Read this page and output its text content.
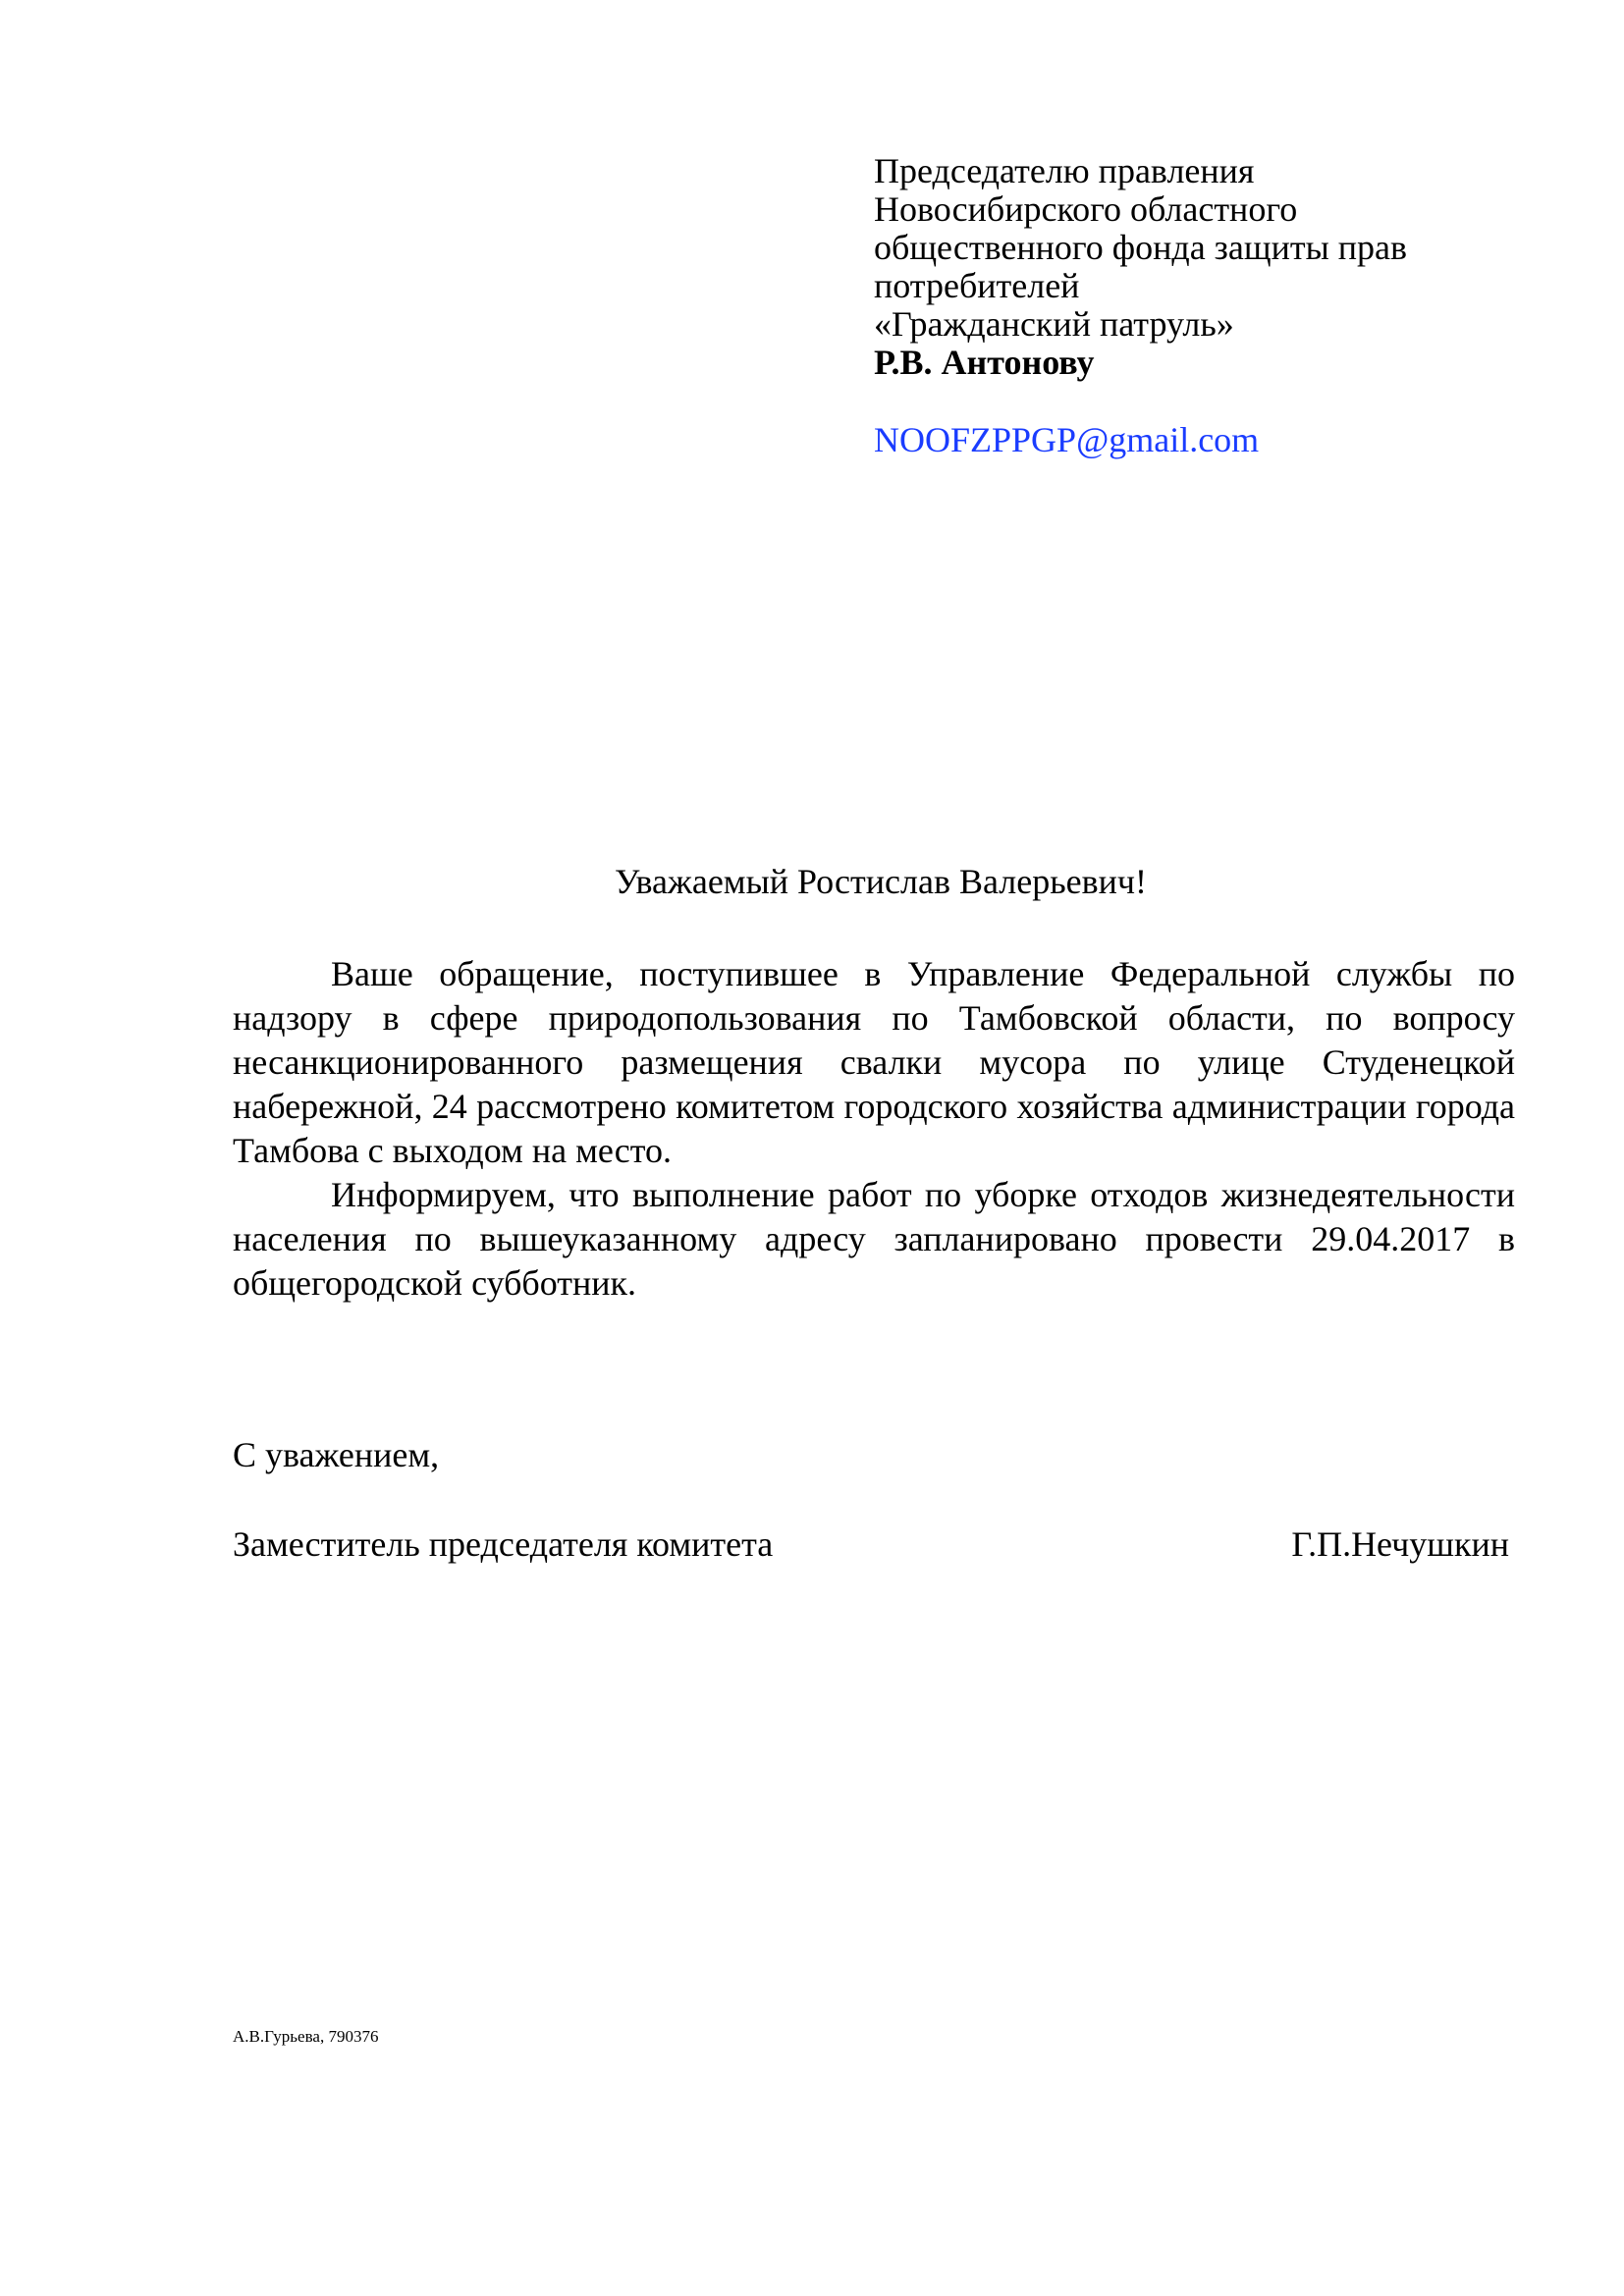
Председателю правления
Новосибирского областного
общественного фонда защиты прав
потребителей
«Гражданский патруль»
Р.В. Антонову
NOOFZPPGP@gmail.com
Уважаемый Ростислав Валерьевич!

Ваше обращение, поступившее в Управление Федеральной службы по надзору в сфере природопользования по Тамбовской области, по вопросу несанкционированного размещения свалки мусора по улице Студенецкой набережной, 24 рассмотрено комитетом городского хозяйства администрации города Тамбова с выходом на место.

Информируем, что выполнение работ по уборке отходов жизнедеятельности населения по вышеуказанному адресу запланировано провести 29.04.2017 в общегородской субботник.

С уважением,
Заместитель председателя комитета	Г.П.Нечушкин
А.В.Гурьева, 790376
